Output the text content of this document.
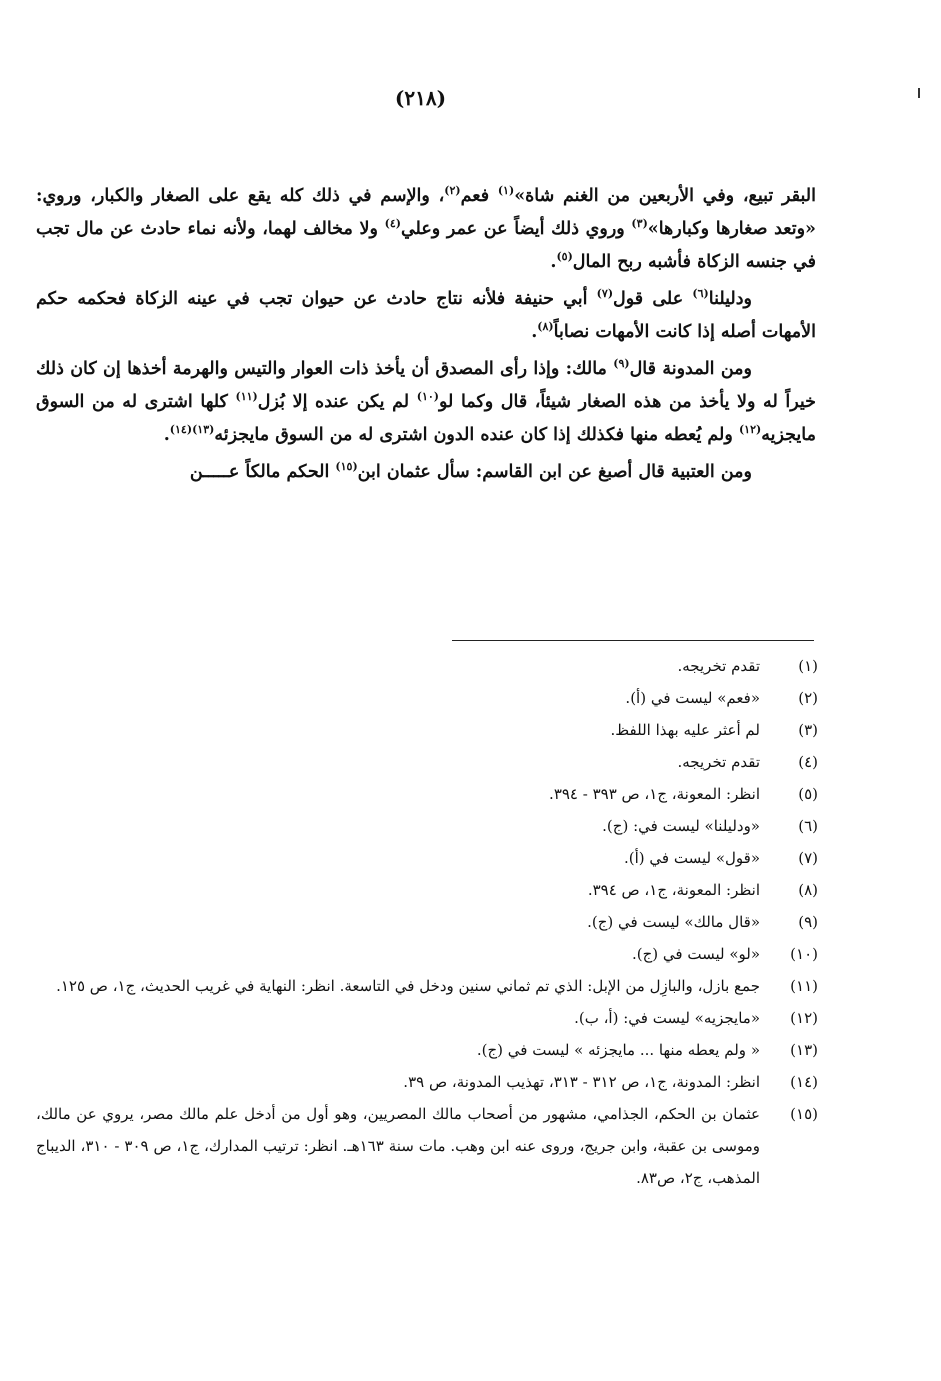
(٢١٨)

البقر تبيع، وفي الأربعين من الغنم شاة»$^{(١)}$ فعم$^{(٢)}$، والإسم في ذلك كله يقع على الصغار والكبار، وروي: «وتعد صغارها وكبارها»$^{(٣)}$ وروي ذلك أيضاً عن عمر وعلي$^{(٤)}$ ولا مخالف لهما، ولأنه نماء حادث عن مال تجب في جنسه الزكاة فأشبه ربح المال$^{(٥)}$.

ودليلنا$^{(٦)}$ على قول$^{(٧)}$ أبي حنيفة فلأنه نتاج حادث عن حيوان تجب في عينه الزكاة فحكمه حكم الأمهات أصله إذا كانت الأمهات نصاباً$^{(٨)}$.

ومن المدونة قال$^{(٩)}$ مالك: وإذا رأى المصدق أن يأخذ ذات العوار والتيس والهرمة أخذها إن كان ذلك خيراً له ولا يأخذ من هذه الصغار شيئاً، قال وكما لو$^{(١٠)}$ لم يكن عنده إلا بُزل$^{(١١)}$ كلها اشترى له من السوق مايجزيه$^{(١٢)}$ ولم يُعطه منها فكذلك إذا كان عنده الدون اشترى له من السوق مايجزئه$^{(١٣)(١٤)}$.

ومن العتبية قال أصبغ عن ابن القاسم: سأل عثمان ابن$^{(١٥)}$ الحكم مالكاً عـــــن

(١)
تقدم تخريجه.
(٢)
«فعم» ليست في (أ).
(٣)
لم أعثر عليه بهذا اللفظ.
(٤)
تقدم تخريجه.
(٥)
انظر: المعونة، ج١، ص ٣٩٣ - ٣٩٤.
(٦)
«ودليلنا» ليست في: (ج).
(٧)
«قول» ليست في (أ).
(٨)
انظر: المعونة، ج١، ص ٣٩٤.
(٩)
«قال مالك» ليست في (ج).
(١٠)
«لو» ليست في (ج).
(١١)
جمع بازل، والبازِل من الإبل: الذي تم ثماني سنين ودخل في التاسعة. انظر: النهاية في غريب الحديث، ج١، ص ١٢٥.
(١٢)
«مايجزيه» ليست في: (أ، ب).
(١٣)
« ولم يعطه منها ... مايجزئه » ليست في (ج).
(١٤)
انظر: المدونة، ج١، ص ٣١٢ - ٣١٣، تهذيب المدونة، ص ٣٩.
(١٥)
عثمان بن الحكم، الجذامي، مشهور من أصحاب مالك المصريين، وهو أول من أدخل علم مالك مصر، يروي عن مالك، وموسى بن عقبة، وابن جريج، وروى عنه ابن وهب. مات سنة ١٦٣هـ. انظر: ترتيب المدارك، ج١، ص ٣٠٩ - ٣١٠، الديباج المذهب، ج٢، ص٨٣.
